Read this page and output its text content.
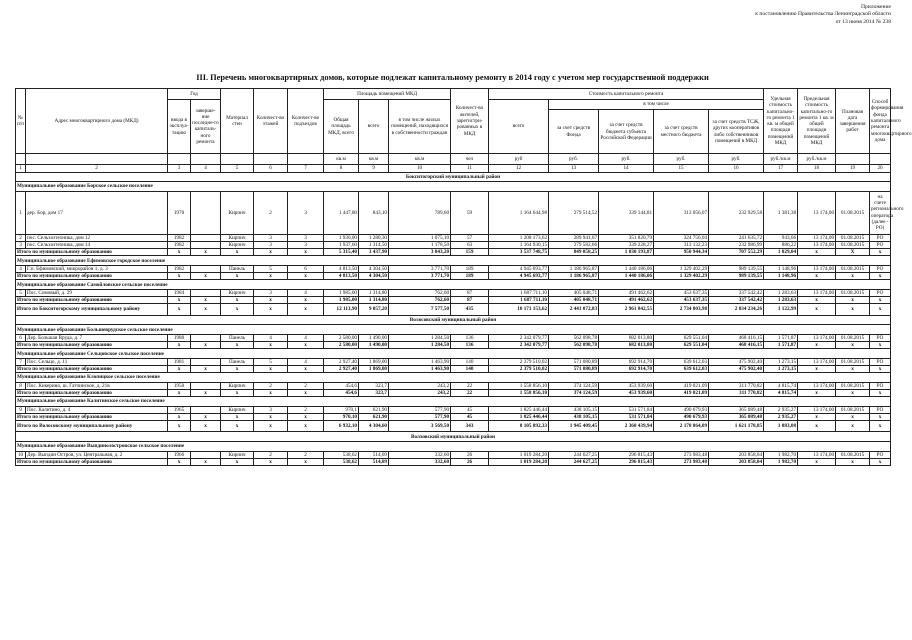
Приложение
к постановлению Правительства Ленинградской области
от 13 июня 2014 № 238
III. Перечень многоквартирных домов, которые подлежат капитальному ремонту в 2014 году с учетом мер государственной поддержки
№ п/п	Адрес многоквартирного дома (МКД)	Год		Материал стен	Количест-во этажей	Количест-во подъездов	Площадь помещений МКД			Количест-во жителей, зарегистри-рованных в МКД	Стоимость капитального ремонта					Удельная стоимость капитально-го ремонта 1 кв. м общей площади помещений МКД	Предельная стоимость капитально-го ремонта 1 кв. м общей площади помещений МКД	Плановая дата завершения работ	Способ формирования фонда капитального ремонта многоквартирного дома
		ввода в эксплуа-тацию	заверше-ние последне-го капиталь-ного ремонта				Общая площадь МКД, всего	всего	в том числе жилых помещений, находящихся в собственности граждан		всего	в том числе							
												за счет средств Фонда	за счет средств бюджета субъекта Российской Федерации	за счет средств местного бюджета	за счет средств ТСЖ, других кооперативов либо собственников помещений в МКД				
							кв.м	кв.м	кв.м	чел	руб	руб.	руб.	руб.	руб.	руб./кв.м	руб./кв.м		
1	2	3	4	5	6	7	8	9	10	11	12	13	14	15	16	17	18	19	20
Бокситогорский муниципальный район																			
Муниципальное образование Борское сельское поселение																			
1	дер. Бор, дом 17	1970		Кирпич	2	3	1 447,80	843,10	789,60	59	1 164 644,98	279 514,52	339 144,81	313 056,07	232 929,58	1 381,38	13 174,00	01.08.2015	на счете регионального оператора (далее - РО)
2	пос. Сельхозтехника, дом 12	1982		Кирпич	3	3	1 930,00	1 280,30	1 075,10	57	1 208 173,62	289 941,67	351 820,79	324 756,04	241 635,72	943,66	13 174,00	01.08.2015	РО
3	пос. Сельхозтехника, дом 14	1982		Кирпич	3	3	1 937,60	1 314,50	1 178,50	63	1 164 930,15	279 582,66	339 228,27	313 132,23	232 986,99	886,22	13 174,00	01.08.2015	РО
Итого по муниципальному образованию		x	x	x	x	x	5 315,40	3 437,90	3 043,20	159	3 537 748,75	849 058,25	1 030 193,87	950 944,34	707 552,29	1 029,04	x	X	x
Муниципальное образование Ефимовское городское поселение																			
4	Г.п. Ефимовский, микрорайон 1, д. 3	1982		Панель	5	6	4 813,50	4 304,50	3 771,70	189	4 945 693,77	1 186 965,87	1 440 186,06	1 329 402,29	989 139,55	1 148,96	13 174,00	01.08.2015	РО
Итого по муниципальному образованию		x	x	x	x	x	4 813,50	4 304,50	3 771,70	189	4 945 693,77	1 186 965,87	1 440 186,06	1 329 402,29	989 139,55	1 148,96	x	x	x
Муниципальное образование Самойловское сельское поселение																			
5	Пос. Сомовый, д. 29	1984		Кирпич	3	4	1 985,00	1 314,80	762,60	87	1 687 711,10	405 048,71	491 462,62	453 637,35	337 542,42	1 283,63	13 174,00	01.08.2015	РО
Итого по муниципальному образованию		x	x	x	x	x	1 985,00	1 314,80	762,60	87	1 687 711,10	405 048,71	491 462,62	453 637,35	337 542,42	1 283,63	x	x	x
Итого по Бокситогорскому муниципальному району		x	x	x	x	x	12 113,90	9 057,20	7 577,50	435	10 171 153,62	2 441 072,83	2 961 842,55	2 734 003,98	2 034 234,26	1 122,99	x	x	x
Волосовский муниципальный район																			
Муниципальное образование Большеврудское сельское поселение																			
6	Дер. Большая Вруда, д. 7	1980		Панель	4	4	2 580,00	1 490,00	1 284,50	136	2 342 079,77	562 098,78	682 013,80	629 551,04	468 416,15	1 571,87	13 174,00	01.08.2015	РО
Итого по муниципальному образованию		x	x	x	x	x	2 580,00	1 490,00	1 284,50	136	2 342 079,77	562 098,78	682 013,80	629 551,04	468 416,15	1 571,87	x	x	x
Муниципальное образование Сельцовское сельское поселение																			
7	Пос. Сельцо, д. 11	1981		Панель	5	4	2 927,40	1 869,00	1 463,90	140	2 379 510,02	571 080,89	692 914,70	639 612,03	475 902,40	1 273,15	13 174,00	01.08.2015	РО
Итого по муниципальному образованию		x	x	x	x	x	2 927,40	1 869,00	1 463,90	140	2 379 510,02	571 080,89	692 914,70	639 612,03	475 902,40	1 273,15	x	x	x
Муниципальное образование Клопицкое сельское поселение																			
8	Пос. Кикерино, ш. Гатчинское, д. 21в	1950		Кирпич	2	2	454,6	323,7	243,2	22	1 558 856,10	374 124,59	453 939,60	419 021,09	311 770,82	4 815,74	13 174,00	01.08.2015	РО
Итого по муниципальному образованию		x	x	x	x	x	454,6	323,7	243,2	22	1 558 856,10	374 124,59	453 939,60	419 021,09	311 770,82	4 815,74	x	x	x
Муниципальное образование Калитинское сельское поселение																			
9	Пос. Калитино, д. 4	1965		Кирпич	3	2	970,1	621,90	577,90	45	1 825 446,44	438 105,15	531 571,84	490 679,93	365 089,48	2 935,27	13 174,00	01.08.2015	РО
Итого по муниципальному образованию		x	x	x	x	x	970,10	621,90	577,90	45	1 825 446,44	438 105,15	531 571,84	490 679,93	365 089,48	2 935,27	x	x	x
Итого по Волосовскому муниципальному району		x	x	x	x	x	6 932,10	4 304,60	3 569,50	343	8 105 892,33	1 945 409,45	2 360 439,94	2 178 864,09	1 621 178,85	1 883,08	x	x	x
Волховский муниципальный район																			
Муниципальное образование Выпдинолостровское сельское поселение																			
10	Дер. Выпдин Остров, ул. Центральная, д. 2	1966		Кирпич	2	2	538,62	514,09	332,60	26	1 019 284,20	244 627,25	296 815,43	273 983,48	203 858,04	1 982,70	13 174,00	01.08.2015	РО
Итого по муниципальному образованию		x	x	x	x	x	538,62	514,09	332,60	26	1 019 284,20	244 627,25	296 815,43	273 983,48	203 858,04	1 982,70	x	x	x
